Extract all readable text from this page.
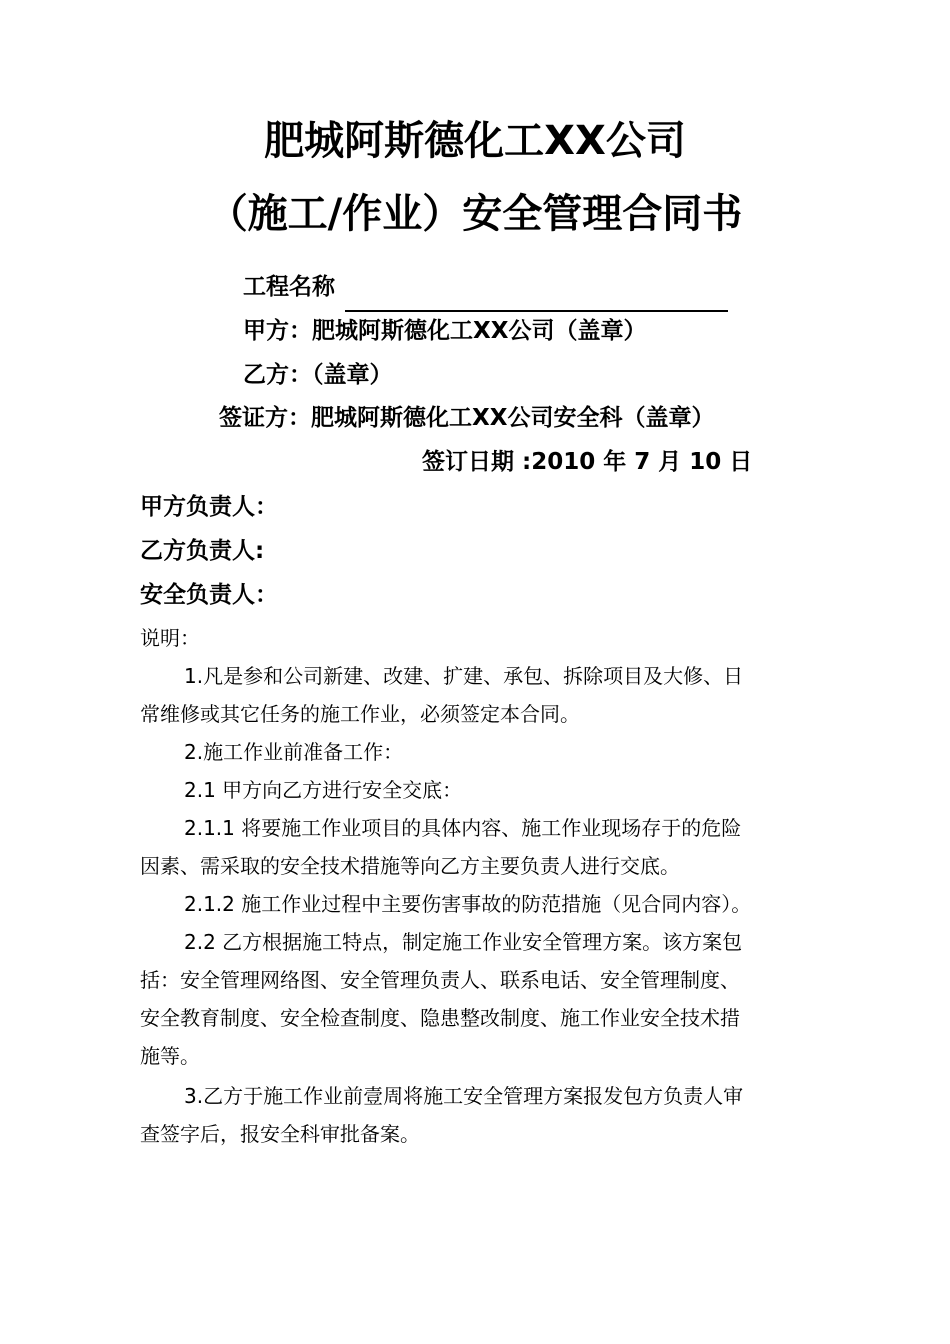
肥城阿斯德化工XX公司
（施工/作业）安全管理合同书
工程名称
甲方：肥城阿斯德化工XX公司（盖章）
乙方：（盖章）
签证方：肥城阿斯德化工XX公司安全科（盖章）
签订日期 :2010 年 7 月 10 日
甲方负责人：
乙方负责人:
安全负责人：
说明：
1.凡是参和公司新建、改建、扩建、承包、拆除项目及大修、日
常维修或其它任务的施工作业，必须签定本合同。
2.施工作业前准备工作：
2.1 甲方向乙方进行安全交底：
2.1.1 将要施工作业项目的具体内容、施工作业现场存于的危险
因素、需采取的安全技术措施等向乙方主要负责人进行交底。
2.1.2 施工作业过程中主要伤害事故的防范措施（见合同内容）。
2.2 乙方根据施工特点，制定施工作业安全管理方案。该方案包
括：安全管理网络图、安全管理负责人、联系电话、安全管理制度、
安全教育制度、安全检查制度、隐患整改制度、施工作业安全技术措
施等。
3.乙方于施工作业前壹周将施工安全管理方案报发包方负责人审
查签字后，报安全科审批备案。
